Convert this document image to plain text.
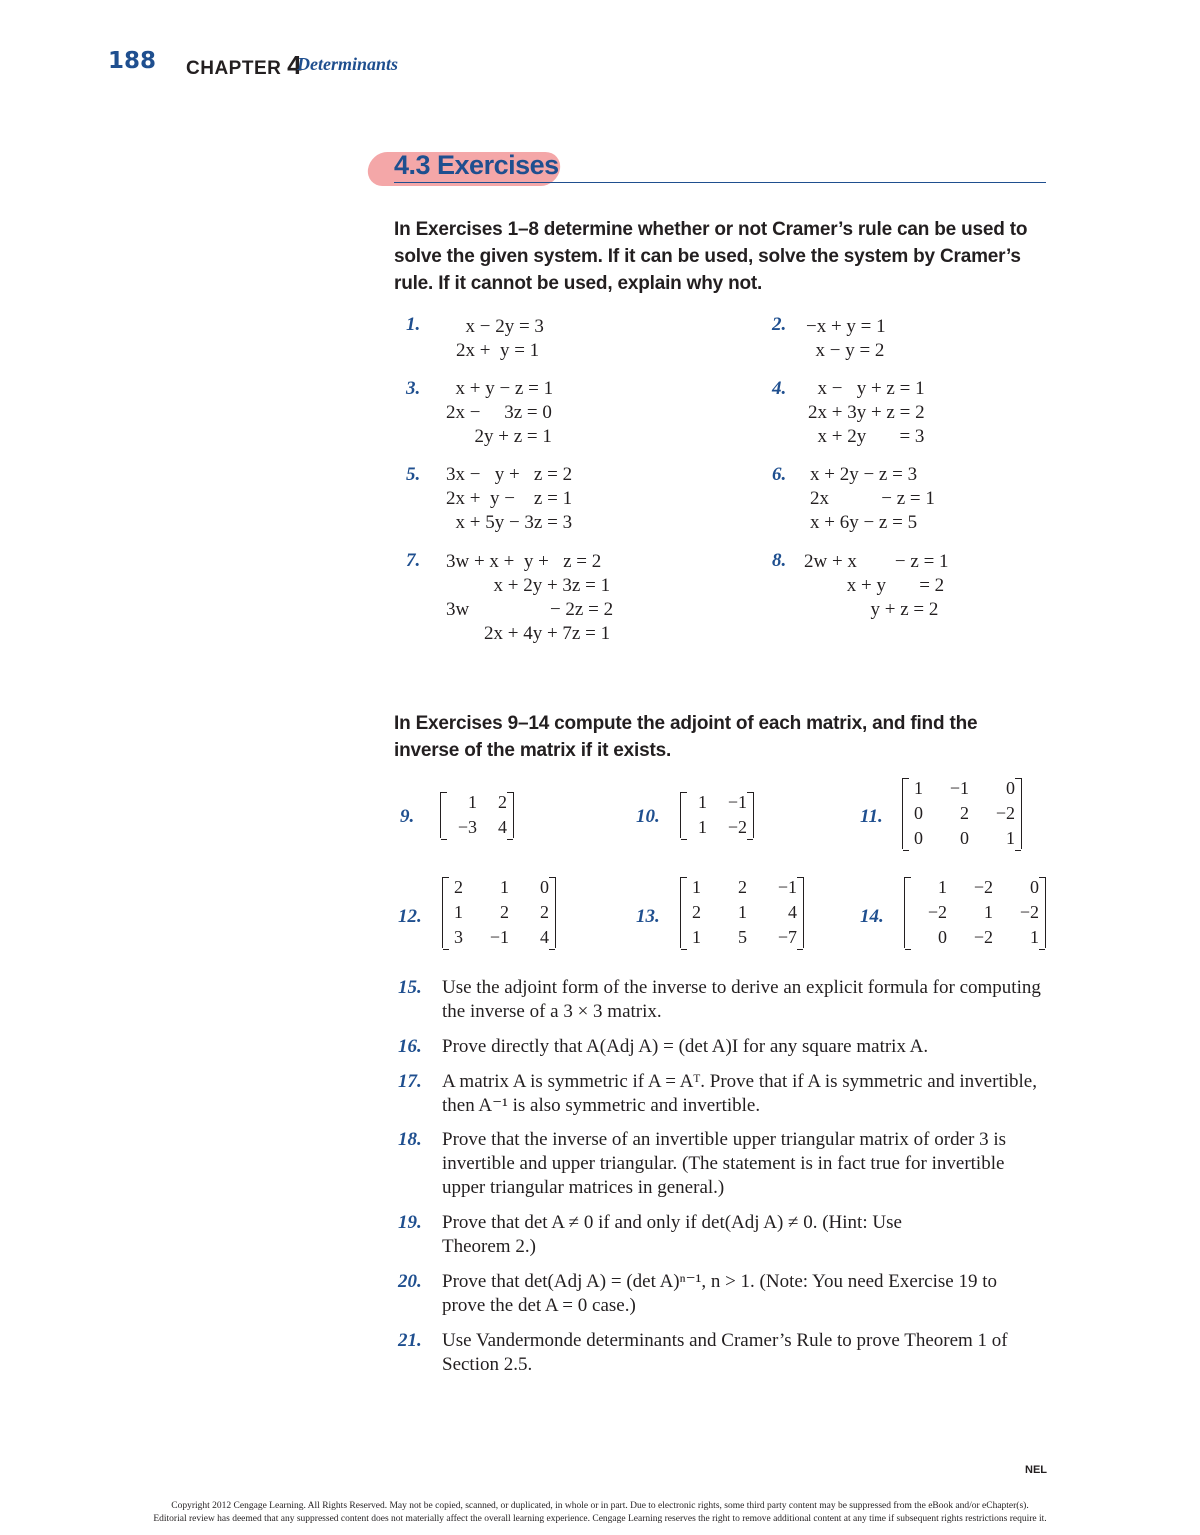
188 CHAPTER 4
Determinants
4.3 Exercises
In Exercises 1–8 determine whether or not Cramer’s rule can be used to solve the given system. If it can be used, solve the system by Cramer’s rule. If it cannot be used, explain why not.
1. x − 2y = 3
2x +  y = 1
2. −x + y = 1
x − y = 2
3. x + y − z = 1
2x −     3z = 0
2y + z = 1
4. x −   y + z = 1
2x + 3y + z = 2
x + 2y       = 3
5. 3x −   y +   z = 2
2x +  y −    z = 1
x + 5y − 3z = 3
6. x + 2y − z = 3
2x           − z = 1
x + 6y − z = 5
7. 3w + x +  y +   z = 2
x + 2y + 3z = 1
3w                 − 2z = 2
2x + 4y + 7z = 1
8. 2w + x        − z = 1
x + y       = 2
y + z = 2
In Exercises 9–14 compute the adjoint of each matrix, and find the inverse of the matrix if it exists.
9.
1	2
−3	4	10.
1	−1
1	−2	11.
1	−1	0
0	2	−2
0	0	1
12.
2	1	0
1	2	2
3	−1	4
13.
1	2	−1
2	1	4
1	5	−7
14.
1	−2	0
−2	1	−2
0	−2	1
15. Use the adjoint form of the inverse to derive an explicit formula for computing the inverse of a 3 × 3 matrix.
16. Prove directly that A(Adj A) = (det A)I for any square matrix A.
17. A matrix A is symmetric if A = Aᵀ. Prove that if A is symmetric and invertible, then A⁻¹ is also symmetric and invertible.
18. Prove that the inverse of an invertible upper triangular matrix of order 3 is invertible and upper triangular. (The statement is in fact true for invertible upper triangular matrices in general.)
19. Prove that det A ≠ 0 if and only if det(Adj A) ≠ 0. (Hint: Use Theorem 2.)
20. Prove that det(Adj A) = (det A)ⁿ⁻¹, n > 1. (Note: You need Exercise 19 to prove the det A = 0 case.)
21. Use Vandermonde determinants and Cramer’s Rule to prove Theorem 1 of Section 2.5.
NEL
Copyright 2012 Cengage Learning. All Rights Reserved. May not be copied, scanned, or duplicated, in whole or in part. Due to electronic rights, some third party content may be suppressed from the eBook and/or eChapter(s).
Editorial review has deemed that any suppressed content does not materially affect the overall learning experience. Cengage Learning reserves the right to remove additional content at any time if subsequent rights restrictions require it.
